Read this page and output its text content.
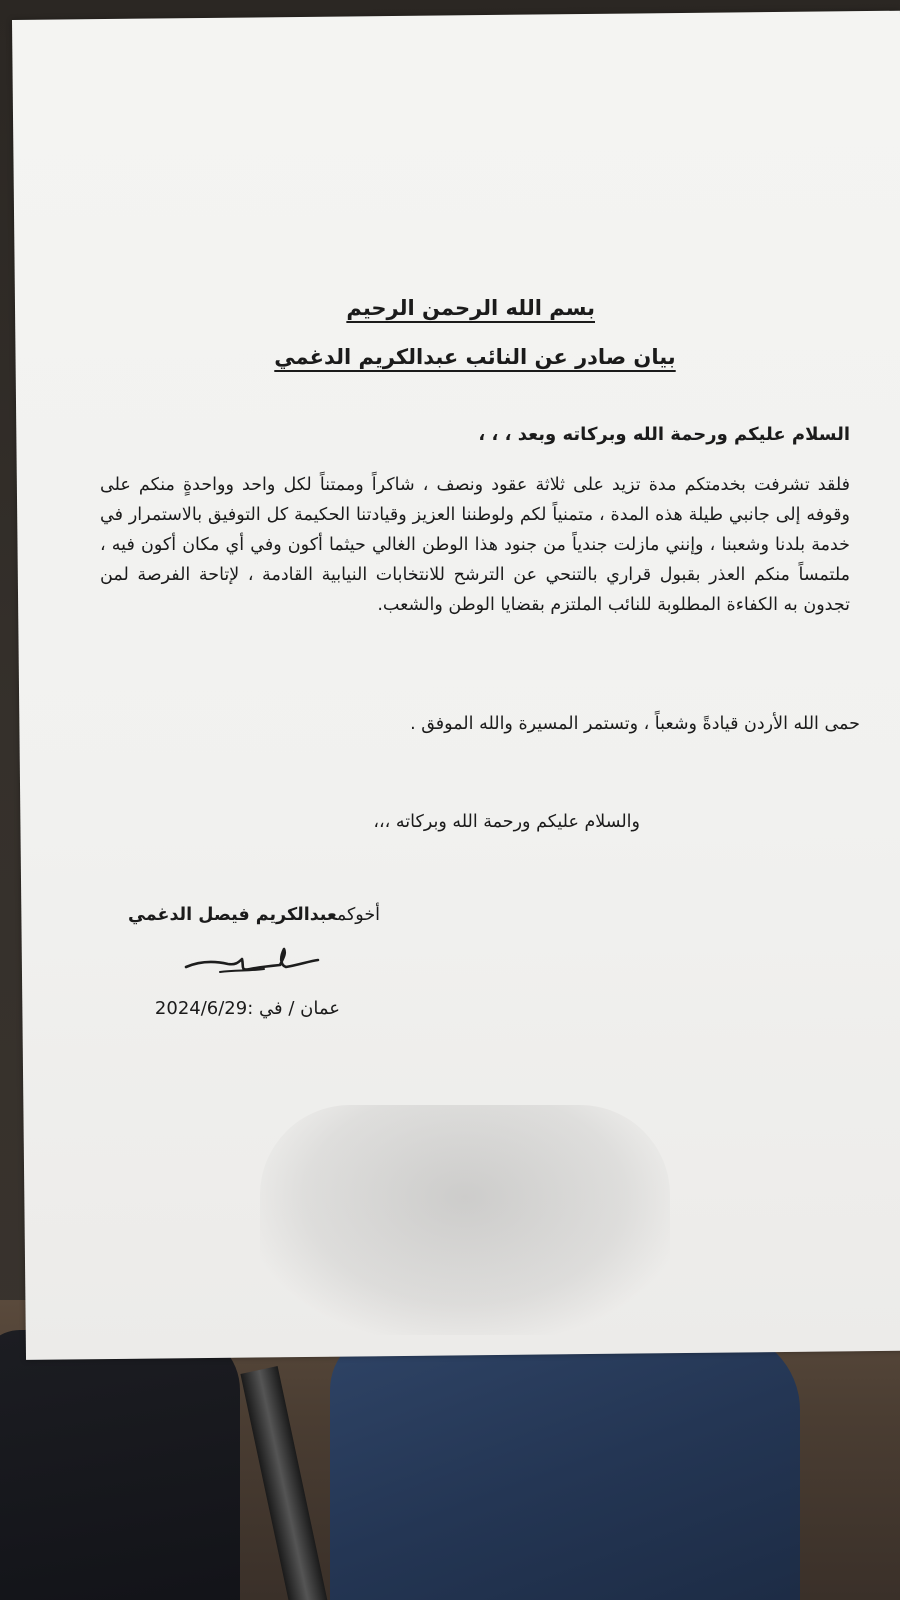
بسم الله الرحمن الرحيم
بيان صادر عن النائب عبدالكريم الدغمي
السلام عليكم ورحمة الله وبركاته وبعد ، ، ،
فلقد تشرفت بخدمتكم مدة تزيد على ثلاثة عقود ونصف ، شاكراً وممتناً لكل واحد وواحدةٍ منكم على وقوفه إلى جانبي طيلة هذه المدة ، متمنياً لكم ولوطننا العزيز وقيادتنا الحكيمة كل التوفيق بالاستمرار في خدمة بلدنا وشعبنا ، وإنني مازلت جندياً من جنود هذا الوطن الغالي حيثما أكون وفي أي مكان أكون فيه ، ملتمساً منكم العذر بقبول قراري بالتنحي عن الترشح للانتخابات النيابية القادمة ، لإتاحة الفرصة لمن تجدون به الكفاءة المطلوبة للنائب الملتزم بقضايا الوطن والشعب.
حمى الله الأردن قيادةً وشعباً ، وتستمر المسيرة والله الموفق .
والسلام عليكم ورحمة الله وبركاته ،،،
أخوكمعبدالكريم فيصل الدغمي
عمان / في :2024/6/29
